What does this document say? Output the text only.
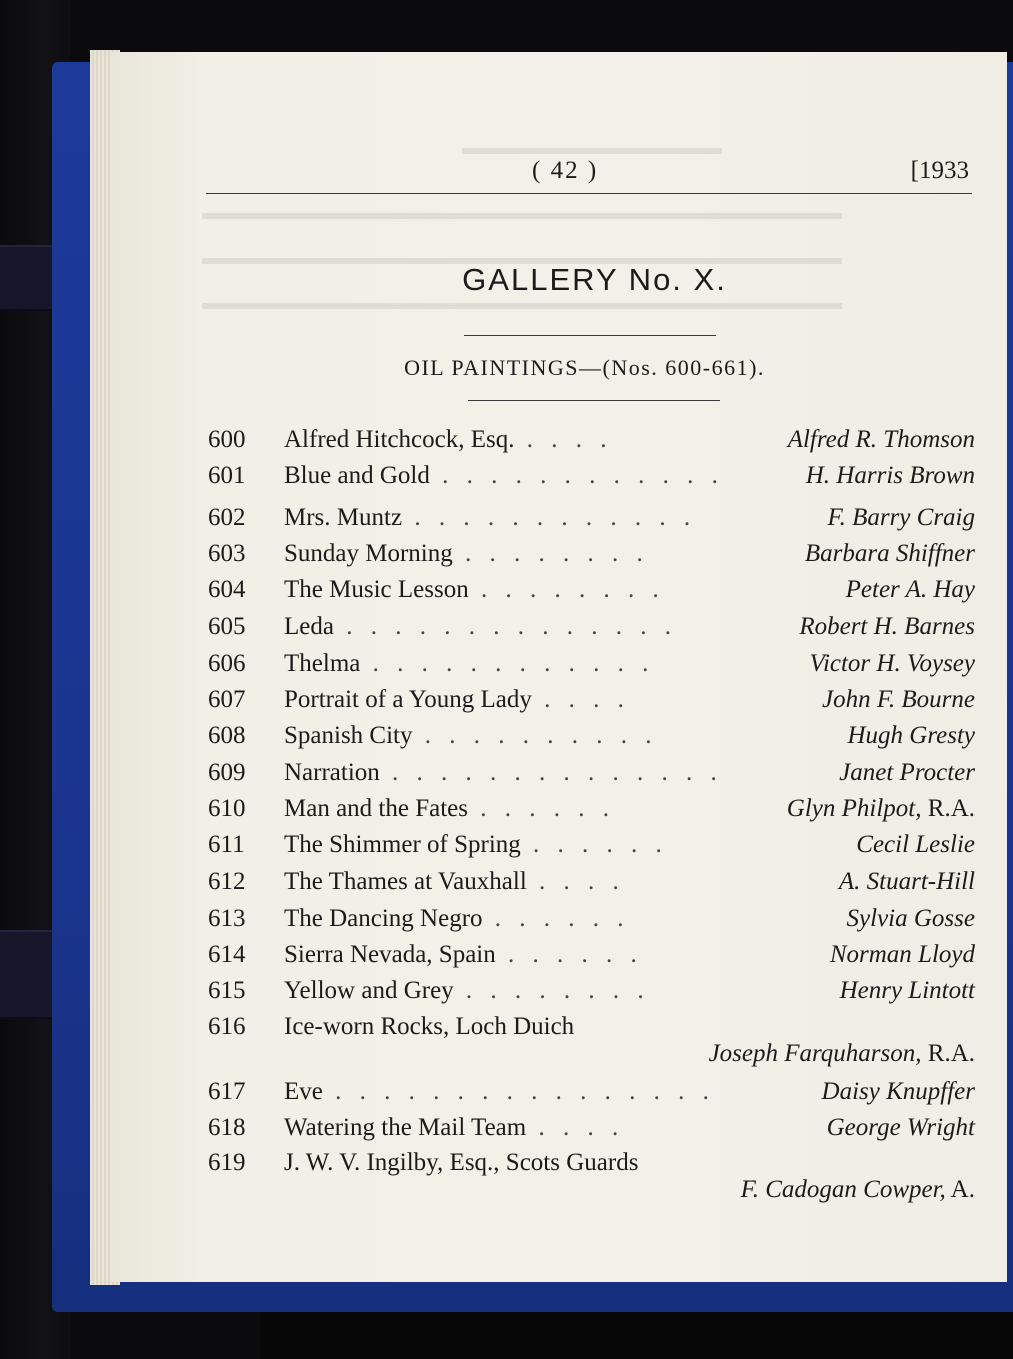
▬▬▬▬▬▬▬▬▬▬▬▬▬
▬▬▬▬▬▬▬▬▬▬▬▬▬▬▬▬▬▬▬▬▬▬▬▬▬▬▬▬▬▬▬▬
▬▬▬▬▬▬▬▬▬▬▬▬▬▬▬▬▬▬▬▬▬▬▬▬▬▬▬▬▬▬▬▬
▬▬▬▬▬▬▬▬▬▬▬▬▬▬▬▬▬▬▬▬▬▬▬▬▬▬▬▬▬▬▬▬
( 42 )	[1933
GALLERY No. X.
OIL PAINTINGS—(Nos. 600-661).
600 Alfred Hitchcock, Esq. . . . .	Alfred R. Thomson
601 Blue and Gold . . . . . . . . . . . .	H. Harris Brown
602 Mrs. Muntz . . . . . . . . . . . .	F. Barry Craig
603 Sunday Morning . . . . . . . .	Barbara Shiffner
604 The Music Lesson . . . . . . . .	Peter A. Hay
605 Leda . . . . . . . . . . . . . .	Robert H. Barnes
606 Thelma . . . . . . . . . . . .	Victor H. Voysey
607 Portrait of a Young Lady . . . .	John F. Bourne
608 Spanish City . . . . . . . . . .	Hugh Gresty
609 Narration . . . . . . . . . . . . . .	Janet Procter
610 Man and the Fates . . . . . .	Glyn Philpot, R.A.
611 The Shimmer of Spring . . . . . .	Cecil Leslie
612 The Thames at Vauxhall . . . .	A. Stuart-Hill
613 The Dancing Negro . . . . . .	Sylvia Gosse
614 Sierra Nevada, Spain . . . . . .	Norman Lloyd
615 Yellow and Grey . . . . . . . .	Henry Lintott
616 Ice-worn Rocks, Loch Duich
Joseph Farquharson, R.A.
617 Eve . . . . . . . . . . . . . . . .	Daisy Knupffer
618 Watering the Mail Team . . . .	George Wright
619 J. W. V. Ingilby, Esq., Scots Guards
F. Cadogan Cowper, A.
